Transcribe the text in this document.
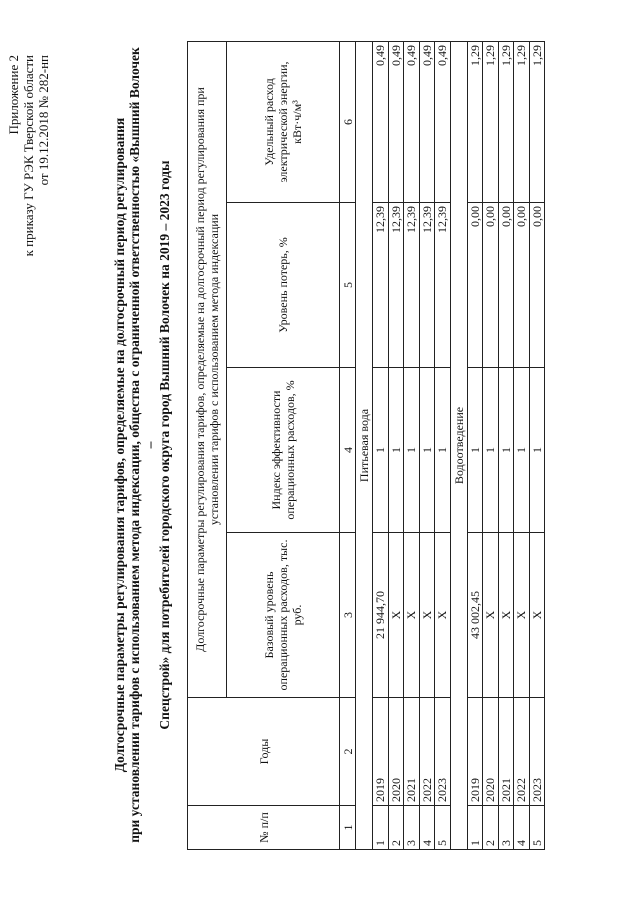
Приложение 2 к приказу ГУ РЭК Тверской области от 19.12.2018 № 282-нп	Долгосрочные параметры регулирования тарифов, определяемые на долгосрочный период регулирования при установлении тарифов с использованием метода индексации, общества с ограниченной ответственностью «Вышний Волочек – Спецстрой» для потребителей городского округа город Вышний Волочек на 2019 – 2023 годы
№ п/п	Годы	Долгосрочные параметры регулирования тарифов, определяемые на долгосрочный период регулирования при установлении тарифов с использованием метода индексации			
		Базовый уровень операционных расходов, тыс. руб.	Индекс эффективности операционных расходов, %	Уровень потерь, %	Удельный расход электрической энергии, кВт·ч/м³
1	2	3	4	5	6
Питьевая вода					
1	2019	21 944,70	1	12,39	0,49
2	2020	X	1	12,39	0,49
3	2021	X	1	12,39	0,49
4	2022	X	1	12,39	0,49
5	2023	X	1	12,39	0,49
Водоотведение					
1	2019	43 002,45	1	0,00	1,29
2	2020	X	1	0,00	1,29
3	2021	X	1	0,00	1,29
4	2022	X	1	0,00	1,29
5	2023	X	1	0,00	1,29
